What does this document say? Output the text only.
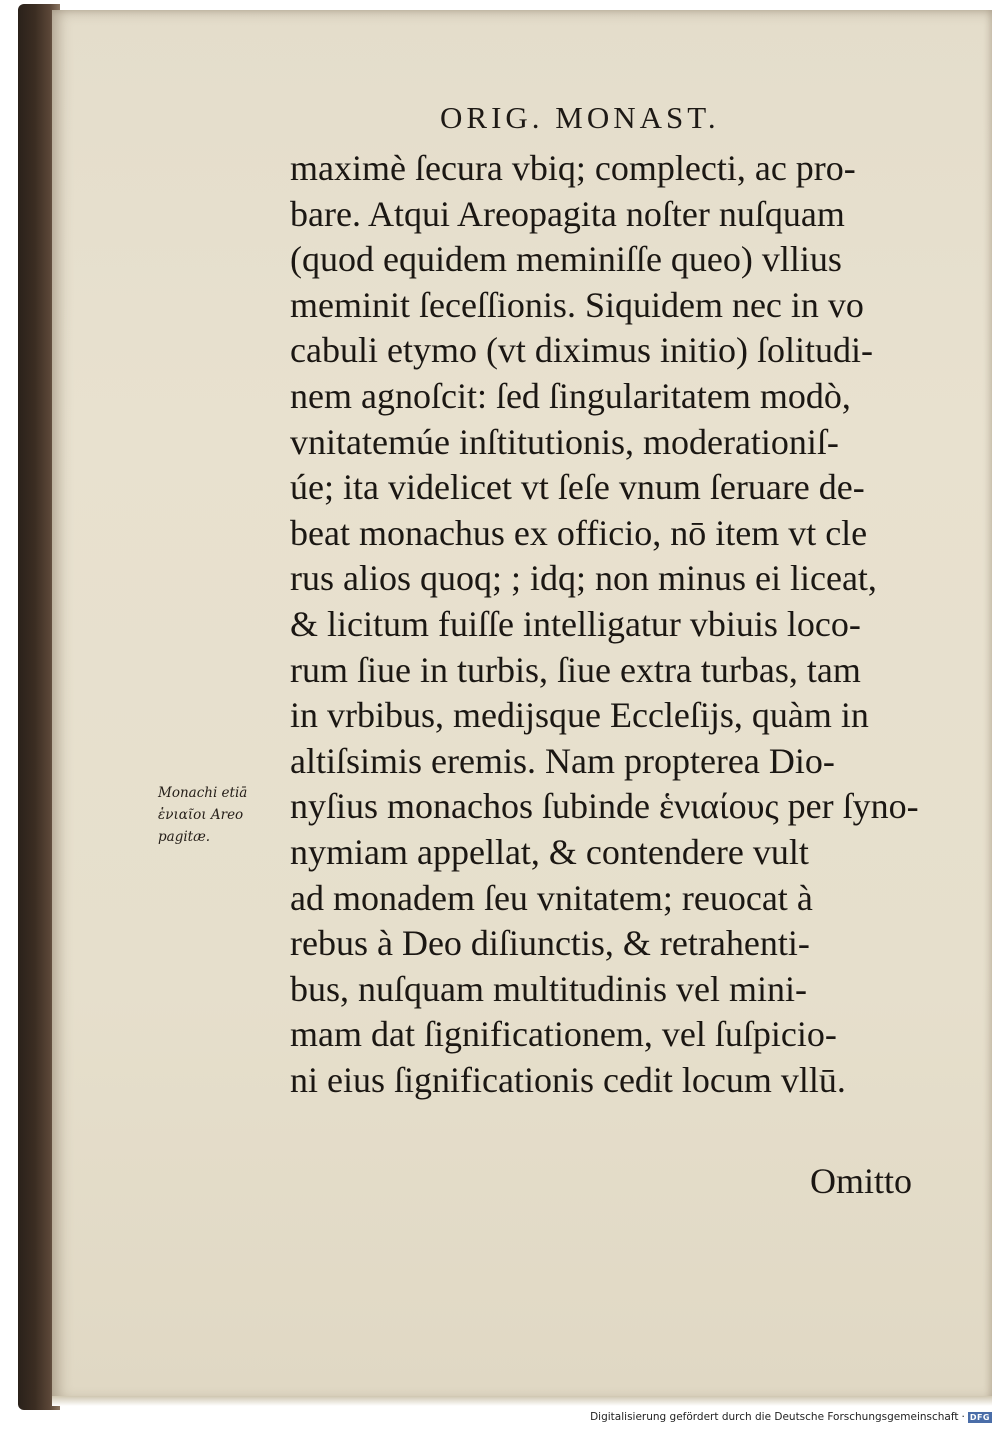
ORIG. MONAST.
Monachi etiā
ἑνιαῖοι Areo
pagitæ.
maximè ſecura vbiq; complecti, ac pro-
bare. Atqui Areopagita noſter nuſquam
(quod equidem meminiſſe queo) vllius
meminit ſeceſſionis. Siquidem nec in vo
cabuli etymo (vt diximus initio) ſolitudi-
nem agnoſcit: ſed ſingularitatem modò,
vnitatemúe inſtitutionis, moderationiſ-
úe; ita videlicet vt ſeſe vnum ſeruare de-
beat monachus ex officio, nō item vt cle
rus alios quoq; ; idq; non minus ei liceat,
& licitum fuiſſe intelligatur vbiuis loco-
rum ſiue in turbis, ſiue extra turbas, tam
in vrbibus, medijsque Eccleſijs, quàm in
altiſsimis eremis. Nam propterea Dio-
nyſius monachos ſubinde ἑνιαίους per ſyno-
nymiam appellat, & contendere vult
ad monadem ſeu vnitatem; reuocat à
rebus à Deo diſiunctis, & retrahenti-
bus, nuſquam multitudinis vel mini-
mam dat ſignificationem, vel ſuſpicio-
ni eius ſignificationis cedit locum vllū.
Omitto
Digitalisierung gefördert durch die Deutsche Forschungsgemeinschaft · DFG
